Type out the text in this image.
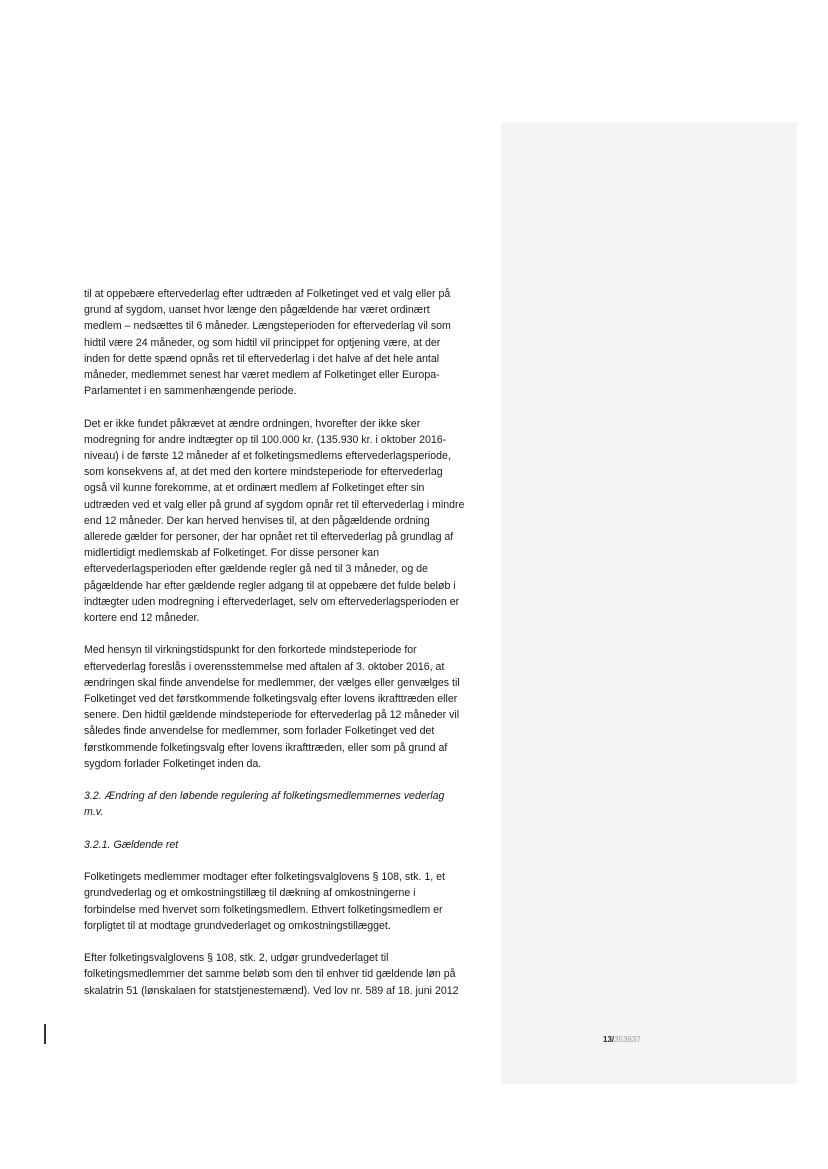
til at oppebære eftervederlag efter udtræden af Folketinget ved et valg eller på
grund af sygdom, uanset hvor længe den pågældende har været ordinært
medlem – nedsættes til 6 måneder. Længsteperioden for eftervederlag vil som
hidtil være 24 måneder, og som hidtil vil princippet for optjening være, at der
inden for dette spænd opnås ret til eftervederlag i det halve af det hele antal
måneder, medlemmet senest har været medlem af Folketinget eller Europa-
Parlamentet i en sammenhængende periode.

Det er ikke fundet påkrævet at ændre ordningen, hvorefter der ikke sker
modregning for andre indtægter op til 100.000 kr. (135.930 kr. i oktober 2016-
niveau) i de første 12 måneder af et folketingsmedlems eftervederlagsperiode,
som konsekvens af, at det med den kortere mindsteperiode for eftervederlag
også vil kunne forekomme, at et ordinært medlem af Folketinget efter sin
udtræden ved et valg eller på grund af sygdom opnår ret til eftervederlag i mindre
end 12 måneder. Der kan herved henvises til, at den pågældende ordning
allerede gælder for personer, der har opnået ret til eftervederlag på grundlag af
midlertidigt medlemskab af Folketinget. For disse personer kan
eftervederlagsperioden efter gældende regler gå ned til 3 måneder, og de
pågældende har efter gældende regler adgang til at oppebære det fulde beløb i
indtægter uden modregning i eftervederlaget, selv om eftervederlagsperioden er
kortere end 12 måneder.

Med hensyn til virkningstidspunkt for den forkortede mindsteperiode for
eftervederlag foreslås i overensstemmelse med aftalen af 3. oktober 2016, at
ændringen skal finde anvendelse for medlemmer, der vælges eller genvælges til
Folketinget ved det førstkommende folketingsvalg efter lovens ikrafttræden eller
senere. Den hidtil gældende mindsteperiode for eftervederlag på 12 måneder vil
således finde anvendelse for medlemmer, som forlader Folketinget ved det
førstkommende folketingsvalg efter lovens ikrafttræden, eller som på grund af
sygdom forlader Folketinget inden da.

3.2. Ændring af den løbende regulering af folketingsmedlemmernes vederlag
m.v.

3.2.1. Gældende ret

Folketingets medlemmer modtager efter folketingsvalglovens § 108, stk. 1, et
grundvederlag og et omkostningstillæg til dækning af omkostningerne i
forbindelse med hvervet som folketingsmedlem. Ethvert folketingsmedlem er
forpligtet til at modtage grundvederlaget og omkostningstillægget.

Efter folketingsvalglovens § 108, stk. 2, udgør grundvederlaget til
folketingsmedlemmer det samme beløb som den til enhver tid gældende løn på
skalatrin 51 (lønskalaen for statstjenestemænd). Ved lov nr. 589 af 18. juni 2012

13/353637
